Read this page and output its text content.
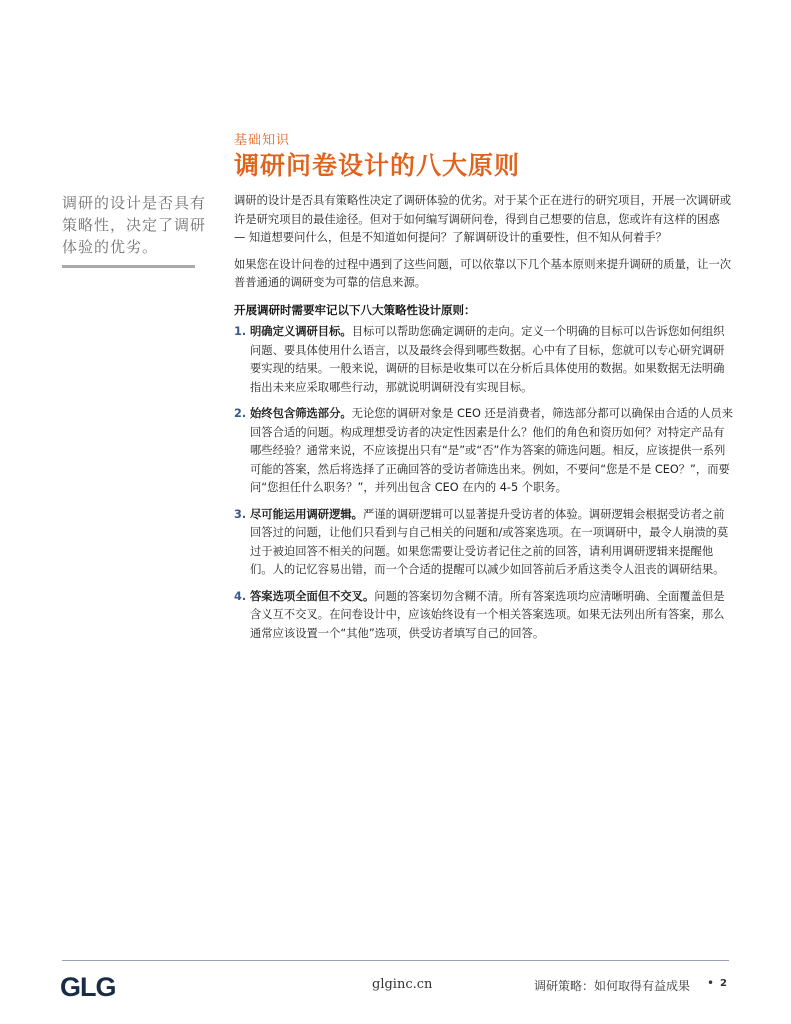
基础知识
调研问卷设计的八大原则
调研的设计是否具有策略性，决定了调研体验的优劣。

调研的设计是否具有策略性决定了调研体验的优劣。对于某个正在进行的研究项目，开展一次调研或许是研究项目的最佳途径。但对于如何编写调研问卷，得到自己想要的信息，您或许有这样的困惑 — 知道想要问什么，但是不知道如何提问？了解调研设计的重要性，但不知从何着手？

如果您在设计问卷的过程中遇到了这些问题，可以依靠以下几个基本原则来提升调研的质量，让一次普普通通的调研变为可靠的信息来源。

开展调研时需要牢记以下八大策略性设计原则：
1. 明确定义调研目标。目标可以帮助您确定调研的走向。定义一个明确的目标可以告诉您如何组织问题、要具体使用什么语言，以及最终会得到哪些数据。心中有了目标，您就可以专心研究调研要实现的结果。一般来说，调研的目标是收集可以在分析后具体使用的数据。如果数据无法明确指出未来应采取哪些行动，那就说明调研没有实现目标。
2. 始终包含筛选部分。无论您的调研对象是 CEO 还是消费者，筛选部分都可以确保由合适的人员来回答合适的问题。构成理想受访者的决定性因素是什么？他们的角色和资历如何？对特定产品有哪些经验？通常来说，不应该提出只有“是”或“否”作为答案的筛选问题。相反，应该提供一系列可能的答案，然后将选择了正确回答的受访者筛选出来。例如，不要问“您是不是 CEO？”，而要问“您担任什么职务？”，并列出包含 CEO 在内的 4-5 个职务。
3. 尽可能运用调研逻辑。严谨的调研逻辑可以显著提升受访者的体验。调研逻辑会根据受访者之前回答过的问题，让他们只看到与自己相关的问题和/或答案选项。在一项调研中，最令人崩溃的莫过于被迫回答不相关的问题。如果您需要让受访者记住之前的回答，请利用调研逻辑来提醒他们。人的记忆容易出错，而一个合适的提醒可以减少如回答前后矛盾这类令人沮丧的调研结果。
4. 答案选项全面但不交叉。问题的答案切勿含糊不清。所有答案选项均应清晰明确、全面覆盖但是含义互不交叉。在问卷设计中，应该始终设有一个相关答案选项。如果无法列出所有答案，那么通常应该设置一个“其他”选项，供受访者填写自己的回答。
GLG	glginc.cn	调研策略：如何取得有益成果 • 2
